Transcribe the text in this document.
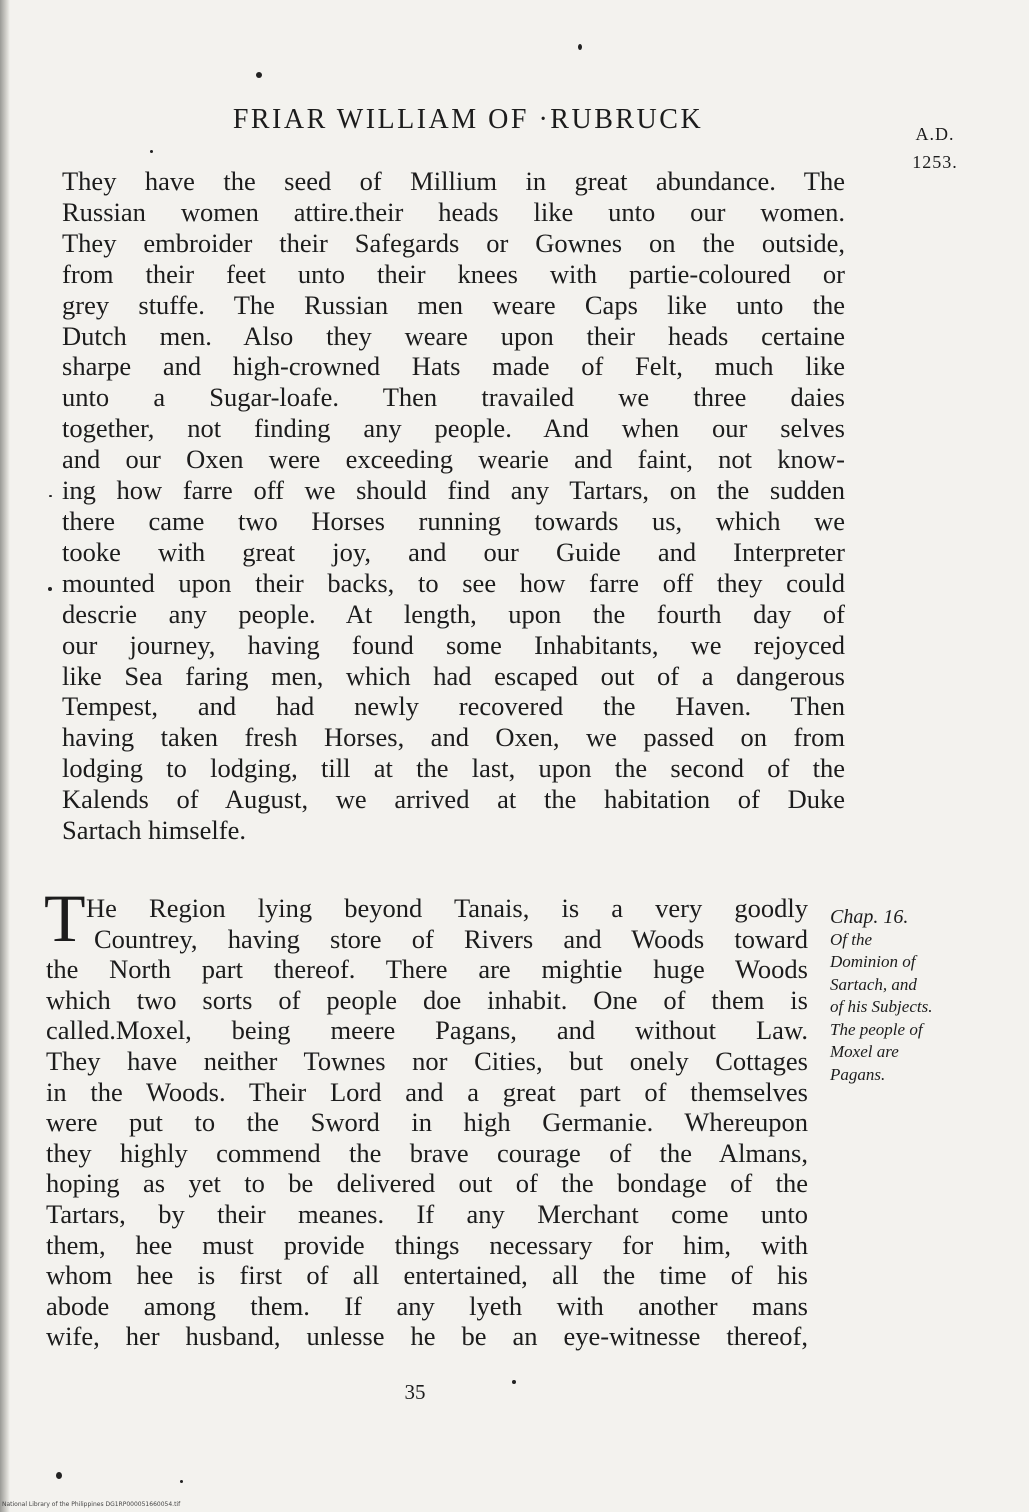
FRIAR WILLIAM OF ·RUBRUCK	A.D.
1253.
They have the seed of Millium in great abundance. The
Russian women attire.their heads like unto our women.
They embroider their Safegards or Gownes on the outside,
from their feet unto their knees with partie-coloured or
grey stuffe. The Russian men weare Caps like unto the
Dutch men. Also they weare upon their heads certaine
sharpe and high-crowned Hats made of Felt, much like
unto a Sugar-loafe. Then travailed we three daies
together, not finding any people. And when our selves
and our Oxen were exceeding wearie and faint, not know-
ing how farre off we should find any Tartars, on the sudden
there came two Horses running towards us, which we
tooke with great joy, and our Guide and Interpreter
mounted upon their backs, to see how farre off they could
descrie any people. At length, upon the fourth day of
our journey, having found some Inhabitants, we rejoyced
like Sea faring men, which had escaped out of a dangerous
Tempest, and had newly recovered the Haven. Then
having taken fresh Horses, and Oxen, we passed on from
lodging to lodging, till at the last, upon the second of the
Kalends of August, we arrived at the habitation of Duke
Sartach himselfe.
T He Region lying beyond Tanais, is a very goodly
Countrey, having store of Rivers and Woods toward
the North part thereof. There are mightie huge Woods
which two sorts of people doe inhabit. One of them is
called.Moxel, being meere Pagans, and without Law.
They have neither Townes nor Cities, but onely Cottages
in the Woods. Their Lord and a great part of themselves
were put to the Sword in high Germanie. Whereupon
they highly commend the brave courage of the Almans,
hoping as yet to be delivered out of the bondage of the
Tartars, by their meanes. If any Merchant come unto
them, hee must provide things necessary for him, with
whom hee is first of all entertained, all the time of his
abode among them. If any lyeth with another mans
wife, her husband, unlesse he be an eye-witnesse thereof,
Chap. 16.
Of the
Dominion of
Sartach, and
of his Subjects.
The people of
Moxel are
Pagans.
35
National Library of the Philippines DG1RP000051660054.tif
